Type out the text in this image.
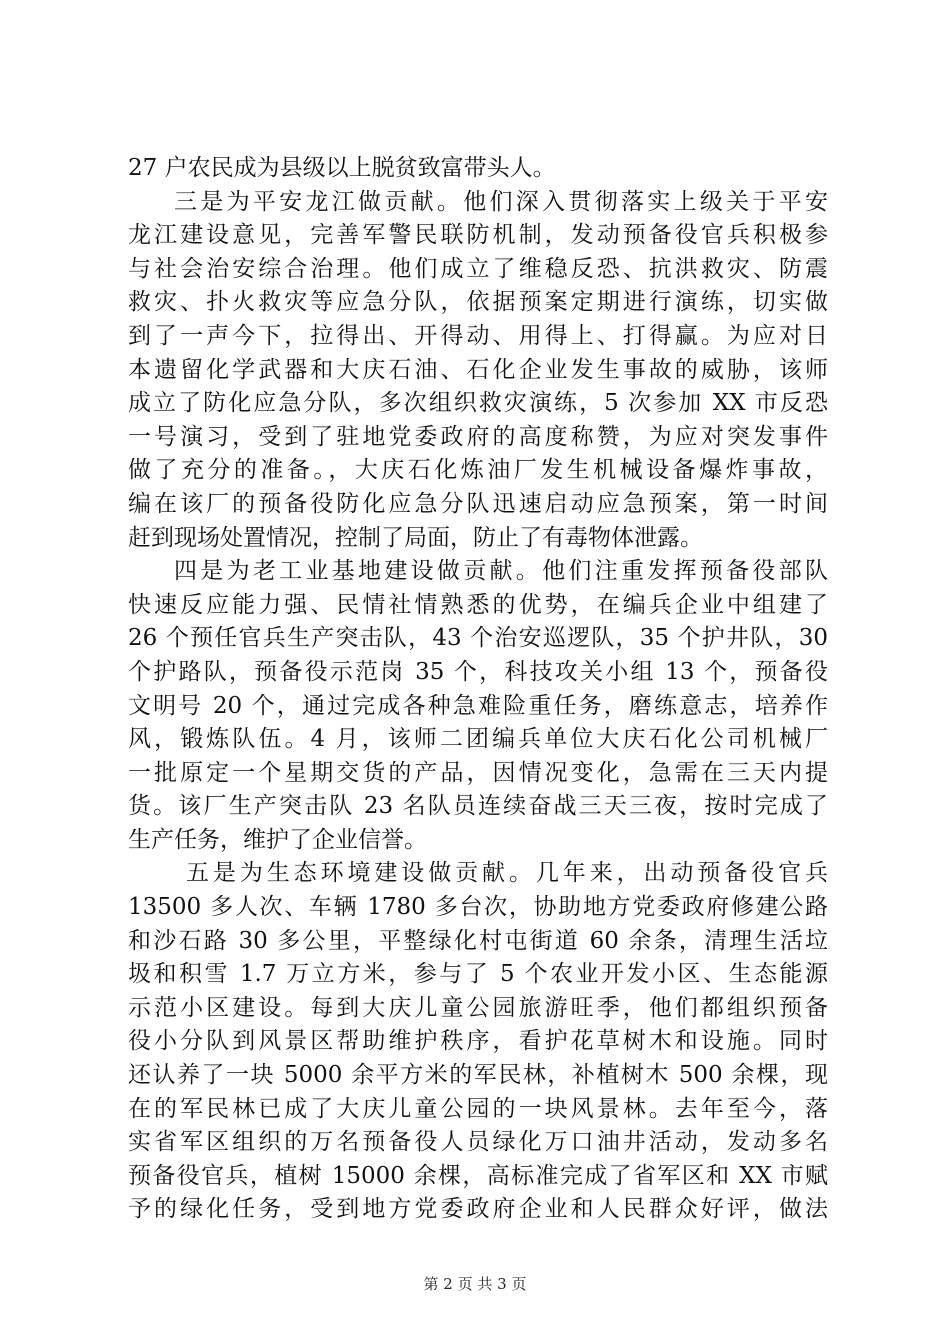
27 户农民成为县级以上脱贫致富带头人。
三是为平安龙江做贡献。他们深入贯彻落实上级关于平安
龙江建设意见，完善军警民联防机制，发动预备役官兵积极参
与社会治安综合治理。他们成立了维稳反恐、抗洪救灾、防震
救灾、扑火救灾等应急分队，依据预案定期进行演练，切实做
到了一声今下，拉得出、开得动、用得上、打得赢。为应对日
本遗留化学武器和大庆石油、石化企业发生事故的威胁，该师
成立了防化应急分队，多次组织救灾演练，5 次参加 XX 市反恐
一号演习，受到了驻地党委政府的高度称赞，为应对突发事件
做了充分的准备。，大庆石化炼油厂发生机械设备爆炸事故，
编在该厂的预备役防化应急分队迅速启动应急预案，第一时间
赶到现场处置情况，控制了局面，防止了有毒物体泄露。
四是为老工业基地建设做贡献。他们注重发挥预备役部队
快速反应能力强、民情社情熟悉的优势，在编兵企业中组建了
26 个预任官兵生产突击队，43 个治安巡逻队，35 个护井队，30
个护路队，预备役示范岗 35 个，科技攻关小组 13 个，预备役
文明号 20 个，通过完成各种急难险重任务，磨练意志，培养作
风，锻炼队伍。4 月，该师二团编兵单位大庆石化公司机械厂
一批原定一个星期交货的产品，因情况变化，急需在三天内提
货。该厂生产突击队 23 名队员连续奋战三天三夜，按时完成了
生产任务，维护了企业信誉。
五是为生态环境建设做贡献。几年来，出动预备役官兵
13500 多人次、车辆 1780 多台次，协助地方党委政府修建公路
和沙石路 30 多公里，平整绿化村屯街道 60 余条，清理生活垃
圾和积雪 1.7 万立方米，参与了 5 个农业开发小区、生态能源
示范小区建设。每到大庆儿童公园旅游旺季，他们都组织预备
役小分队到风景区帮助维护秩序，看护花草树木和设施。同时
还认养了一块 5000 余平方米的军民林，补植树木 500 余棵，现
在的军民林已成了大庆儿童公园的一块风景林。去年至今，落
实省军区组织的万名预备役人员绿化万口油井活动，发动多名
预备役官兵，植树 15000 余棵，高标准完成了省军区和 XX 市赋
予的绿化任务，受到地方党委政府企业和人民群众好评，做法
第 2 页 共 3 页
